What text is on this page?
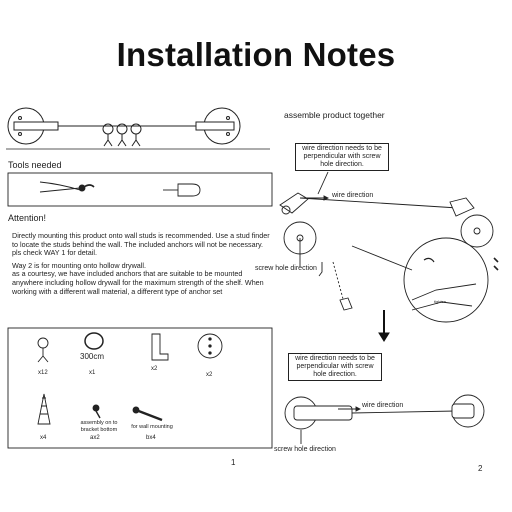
Installation Notes
Tools needed
Attention!

Directly mounting this product onto wall studs is recommended. Use a stud finder to locate the studs behind the wall. The included anchors will not be necessary.

pls check WAY 1 for detail.

Way 2 is for mounting onto hollow drywall.

as a courtesy, we have included anchors that are suitable to be mounted anywhere including hollow drywall for the maximum strength of the shelf. When working with a different wall material, a different type of anchor set

x12
300cm
x1
x2
x2
x4
assembly on to bracket bottom
ax2
for wall mounting
bx4
1
assemble product together
wire direction needs to be perpendicular with screw hole direction.
wire direction
screw hole direction
tighten
wire direction needs to be perpendicular with screw hole direction.
wire direction
screw hole direction
2
